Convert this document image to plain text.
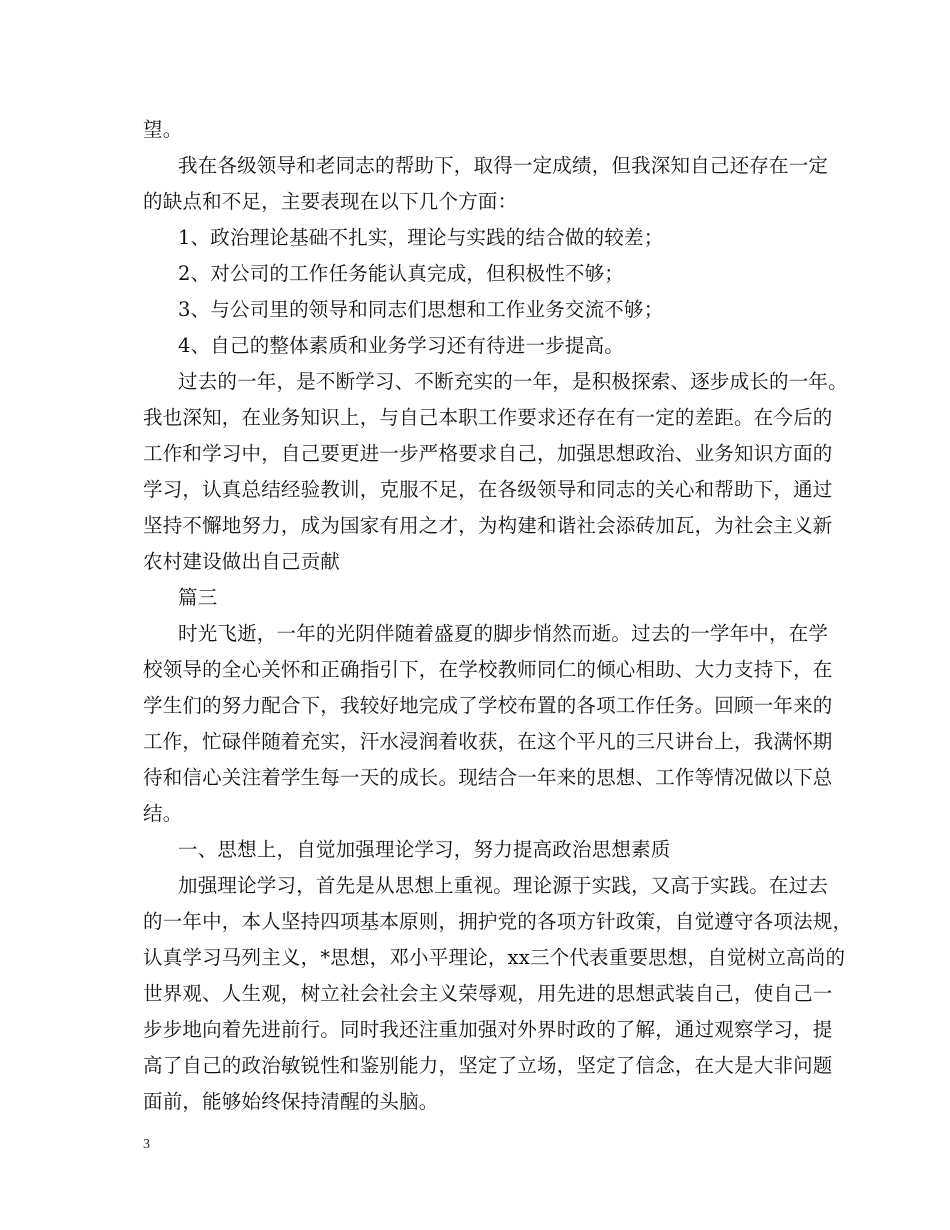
望。
我在各级领导和老同志的帮助下，取得一定成绩，但我深知自己还存在一定
的缺点和不足，主要表现在以下几个方面：
1、政治理论基础不扎实，理论与实践的结合做的较差；
2、对公司的工作任务能认真完成，但积极性不够；
3、与公司里的领导和同志们思想和工作业务交流不够；
4、自己的整体素质和业务学习还有待进一步提高。
过去的一年，是不断学习、不断充实的一年，是积极探索、逐步成长的一年。
我也深知，在业务知识上，与自己本职工作要求还存在有一定的差距。在今后的
工作和学习中，自己要更进一步严格要求自己，加强思想政治、业务知识方面的
学习，认真总结经验教训，克服不足，在各级领导和同志的关心和帮助下，通过
坚持不懈地努力，成为国家有用之才，为构建和谐社会添砖加瓦，为社会主义新
农村建设做出自己贡献
篇三
时光飞逝，一年的光阴伴随着盛夏的脚步悄然而逝。过去的一学年中，在学
校领导的全心关怀和正确指引下，在学校教师同仁的倾心相助、大力支持下，在
学生们的努力配合下，我较好地完成了学校布置的各项工作任务。回顾一年来的
工作，忙碌伴随着充实，汗水浸润着收获，在这个平凡的三尺讲台上，我满怀期
待和信心关注着学生每一天的成长。现结合一年来的思想、工作等情况做以下总
结。
一、思想上，自觉加强理论学习，努力提高政治思想素质
加强理论学习，首先是从思想上重视。理论源于实践，又高于实践。在过去
的一年中，本人坚持四项基本原则，拥护党的各项方针政策，自觉遵守各项法规，
认真学习马列主义，*思想，邓小平理论，xx三个代表重要思想，自觉树立高尚的
世界观、人生观，树立社会社会主义荣辱观，用先进的思想武装自己，使自己一
步步地向着先进前行。同时我还注重加强对外界时政的了解，通过观察学习，提
高了自己的政治敏锐性和鉴别能力，坚定了立场，坚定了信念，在大是大非问题
面前，能够始终保持清醒的头脑。
3
